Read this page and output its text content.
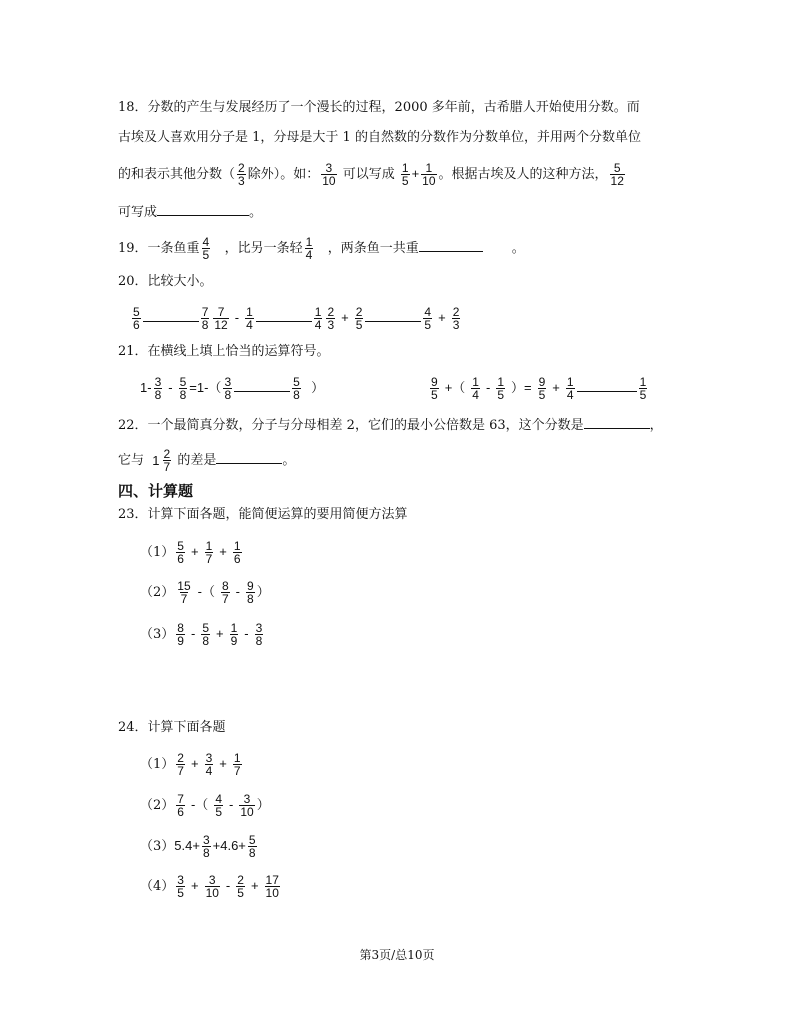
18．分数的产生与发展经历了一个漫长的过程，2000 多年前，古希腊人开始使用分数。而
古埃及人喜欢用分子是 1，分母是大于 1 的自然数的分数作为分数单位，并用两个分数单位
的和表示其他分数（ $\frac{2}{3}$ 除外）。如： $\frac{3}{10}$ 可以写成 $\frac{1}{5} + \frac{1}{10}$ 。根据古埃及人的这种方法， $\frac{5}{12}$
可写成	。
19．一条鱼重 $\frac{4}{5}$ ，比另一条轻 $\frac{1}{4}$ ，两条鱼一共重	。
20．比较大小。
$\frac{5}{6}$	$\frac{7}{8} \frac{7}{12} - \frac{1}{4}$	$\frac{1}{4} \frac{2}{3} + \frac{2}{5}$	$\frac{4}{5} + \frac{2}{3}$
21．在横线上填上恰当的运算符号。
$1- \frac{3}{8} - \frac{5}{8} =1-( \frac{3}{8}$	$\frac{5}{8}$ ）	$\frac{9}{5}$ +（ $\frac{1}{4} - \frac{1}{5}$ ）= $\frac{9}{5} + \frac{1}{4}$	$\frac{1}{5}$
22．一个最简真分数，分子与分母相差 2，它们的最小公倍数是 63，这个分数是	，
它与 $1 \frac{2}{7}$ 的差是	。
四、计算题
23．计算下面各题，能简便运算的要用简便方法算
$(1) \frac{5}{6} + \frac{1}{7} + \frac{1}{6}$
$(2) \frac{15}{7}$ -（ $\frac{8}{7} - \frac{9}{8}$ ）
$(3) \frac{8}{9} - \frac{5}{8} + \frac{1}{9} - \frac{3}{8}$
24．计算下面各题
$(1) \frac{2}{7} + \frac{3}{4} + \frac{1}{7}$
$(2) \frac{7}{6}$ -（ $\frac{4}{5} - \frac{3}{10}$ ）
$(3)5.4+ \frac{3}{8} +4.6+ \frac{5}{8}$
$(4) \frac{3}{5} + \frac{3}{10} - \frac{2}{5} + \frac{17}{10}$
第3页/总10页
